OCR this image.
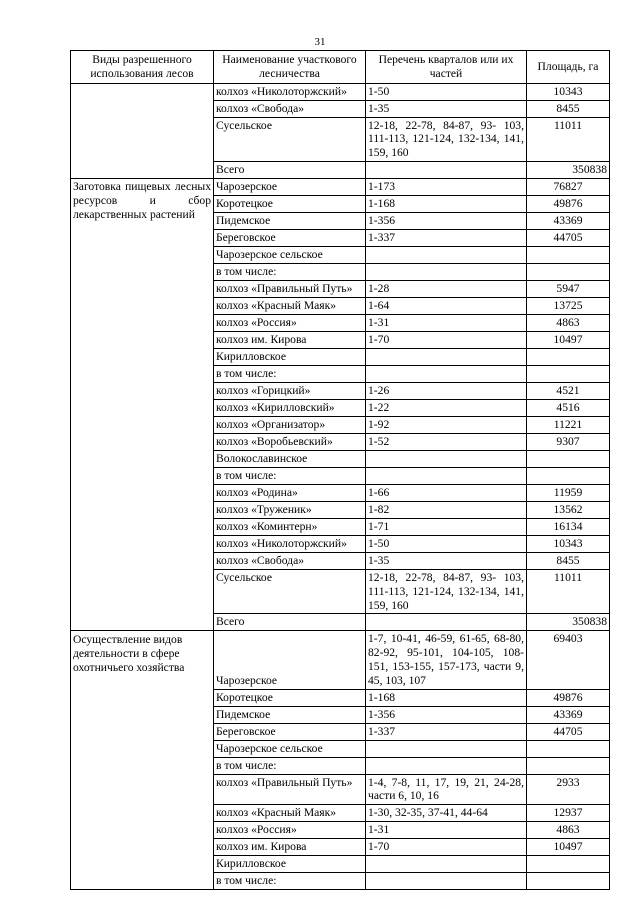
31
Виды разрешенного использования лесов	Наименование участкового лесничества	Перечень кварталов или их частей	Площадь, га
	колхоз «Николоторжский»	1-50	10343
	колхоз «Свобода»	1-35	8455
	Сусельское	12-18, 22-78, 84-87, 93- 103, 111-113, 121-124, 132-134, 141, 159, 160	11011
	Всего		350838
Заготовка пищевых лесных ресурсов и сбор лекарственных растений	Чарозерское	1-173	76827
	Коротецкое	1-168	49876
	Пидемское	1-356	43369
	Береговское	1-337	44705
	Чарозерское сельское		
	в том числе:		
	колхоз «Правильный Путь»	1-28	5947
	колхоз «Красный Маяк»	1-64	13725
	колхоз «Россия»	1-31	4863
	колхоз им. Кирова	1-70	10497
	Кирилловское		
	в том числе:		
	колхоз «Горицкий»	1-26	4521
	колхоз «Кирилловский»	1-22	4516
	колхоз «Организатор»	1-92	11221
	колхоз «Воробьевский»	1-52	9307
	Волокославинское		
	в том числе:		
	колхоз «Родина»	1-66	11959
	колхоз «Труженик»	1-82	13562
	колхоз «Коминтерн»	1-71	16134
	колхоз «Николоторжский»	1-50	10343
	колхоз «Свобода»	1-35	8455
	Сусельское	12-18, 22-78, 84-87, 93- 103, 111-113, 121-124, 132-134, 141, 159, 160	11011
	Всего		350838
Осуществление видов деятельности в сфере охотничьего хозяйства	Чарозерское	1-7, 10-41, 46-59, 61-65, 68-80, 82-92, 95-101, 104-105, 108-151, 153-155, 157-173, части 9, 45, 103, 107	69403
	Коротецкое	1-168	49876
	Пидемское	1-356	43369
	Береговское	1-337	44705
	Чарозерское сельское		
	в том числе:		
	колхоз «Правильный Путь»	1-4, 7-8, 11, 17, 19, 21, 24-28, части 6, 10, 16	2933
	колхоз «Красный Маяк»	1-30, 32-35, 37-41, 44-64	12937
	колхоз «Россия»	1-31	4863
	колхоз им. Кирова	1-70	10497
	Кирилловское		
	в том числе:		
